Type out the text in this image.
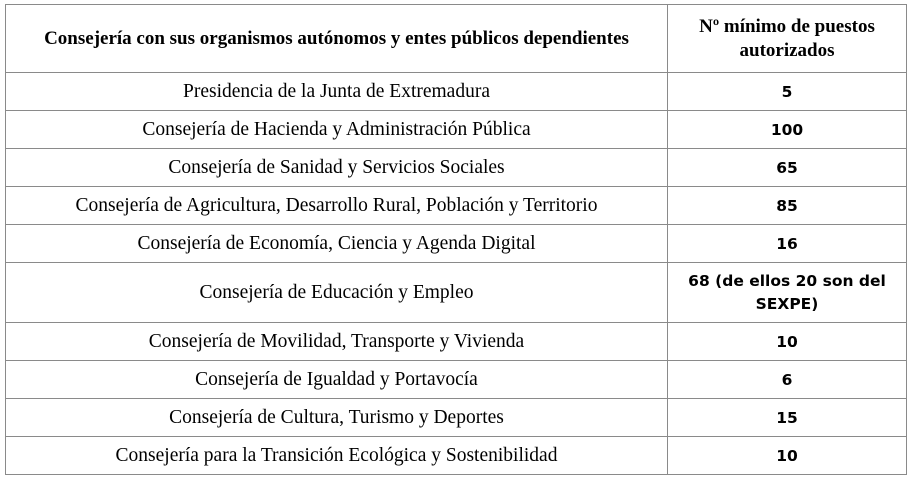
Consejería con sus organismos autónomos y entes públicos dependientes	Nº mínimo de puestos autorizados
Presidencia de la Junta de Extremadura	5
Consejería de Hacienda y Administración Pública	100
Consejería de Sanidad y Servicios Sociales	65
Consejería de Agricultura, Desarrollo Rural, Población y Territorio	85
Consejería de Economía, Ciencia y Agenda Digital	16
Consejería de Educación y Empleo	68 (de ellos 20 son del SEXPE)
Consejería de Movilidad, Transporte y Vivienda	10
Consejería de Igualdad y Portavocía	6
Consejería de Cultura, Turismo y Deportes	15
Consejería para la Transición Ecológica y Sostenibilidad	10
